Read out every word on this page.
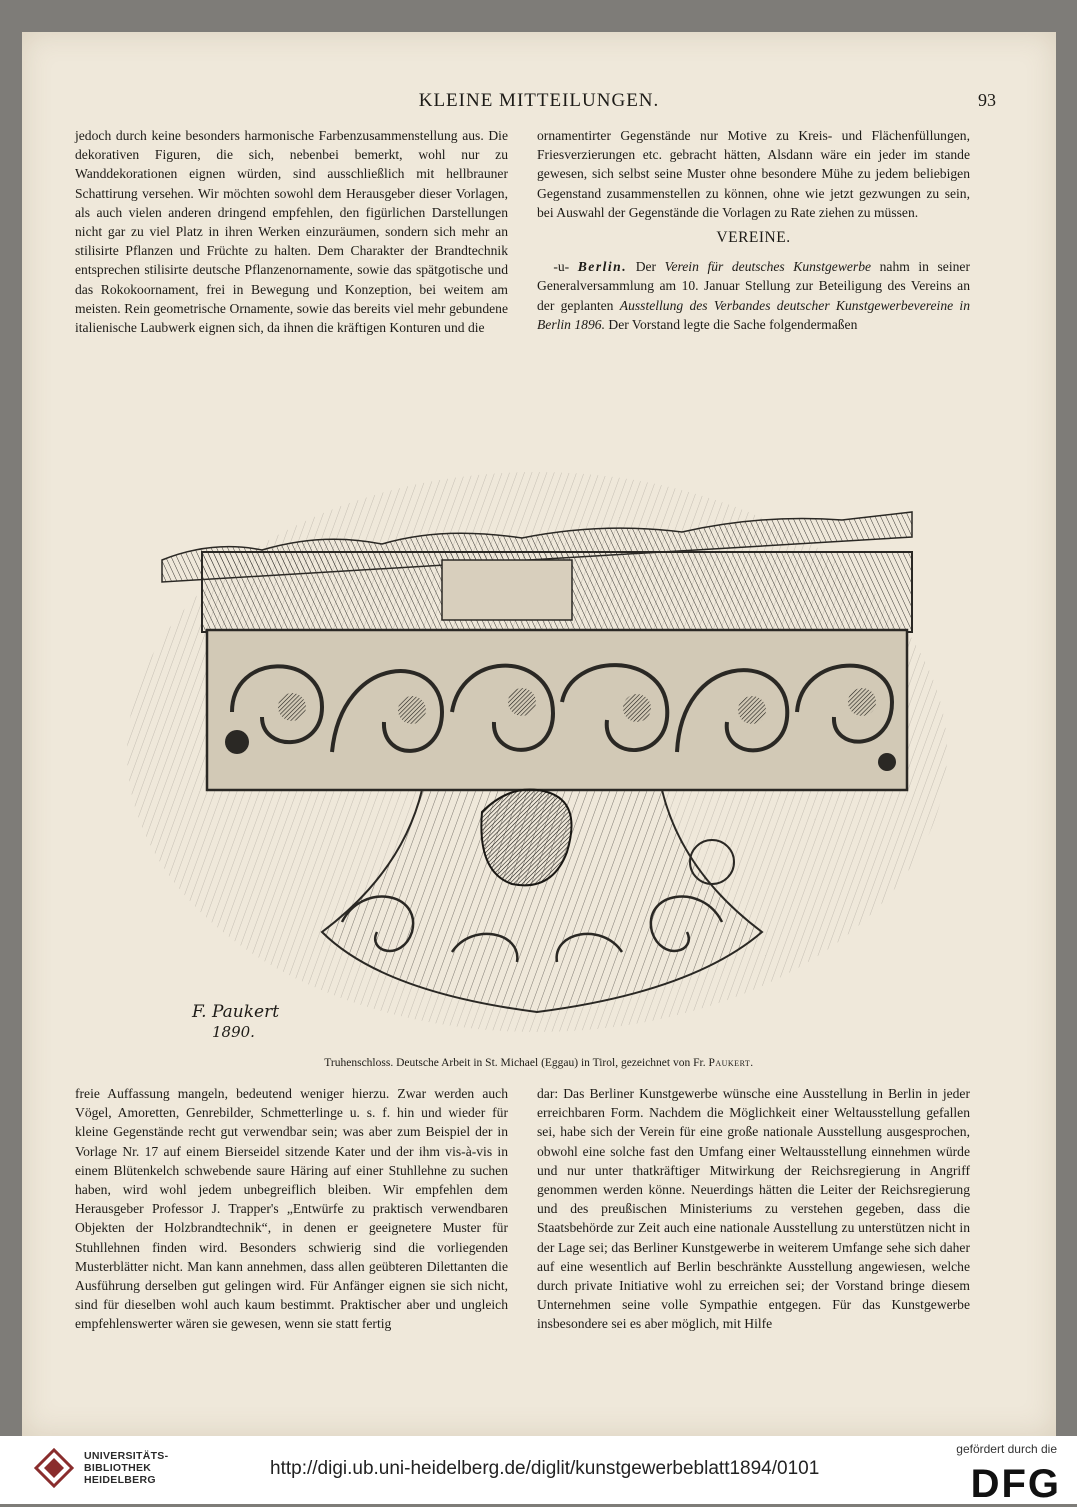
KLEINE MITTEILUNGEN.	93

jedoch durch keine besonders harmonische Farbenzusammenstellung aus. Die dekorativen Figuren, die sich, nebenbei bemerkt, wohl nur zu Wanddekorationen eignen würden, sind ausschließlich mit hellbrauner Schattirung versehen. Wir möchten sowohl dem Herausgeber dieser Vorlagen, als auch vielen anderen dringend empfehlen, den figürlichen Darstellungen nicht gar zu viel Platz in ihren Werken einzuräumen, sondern sich mehr an stilisirte Pflanzen und Früchte zu halten. Dem Charakter der Brandtechnik entsprechen stilisirte deutsche Pflanzenornamente, sowie das spätgotische und das Rokokoornament, frei in Bewegung und Konzeption, bei weitem am meisten. Rein geometrische Ornamente, sowie das bereits viel mehr gebundene italienische Laubwerk eignen sich, da ihnen die kräftigen Konturen und die

ornamentirter Gegenstände nur Motive zu Kreis- und Flächenfüllungen, Friesverzierungen etc. gebracht hätten, Alsdann wäre ein jeder im stande gewesen, sich selbst seine Muster ohne besondere Mühe zu jedem beliebigen Gegenstand zusammenstellen zu können, ohne wie jetzt gezwungen zu sein, bei Auswahl der Gegenstände die Vorlagen zu Rate ziehen zu müssen.

VEREINE.

-u- Berlin. Der Verein für deutsches Kunstgewerbe nahm in seiner Generalversammlung am 10. Januar Stellung zur Beteiligung des Vereins an der geplanten Ausstellung des Verbandes deutscher Kunstgewerbevereine in Berlin 1896. Der Vorstand legte die Sache folgendermaßen

F. Paukert
1890.
Truhenschloss. Deutsche Arbeit in St. Michael (Eggau) in Tirol, gezeichnet von Fr. Paukert.

freie Auffassung mangeln, bedeutend weniger hierzu. Zwar werden auch Vögel, Amoretten, Genrebilder, Schmetterlinge u. s. f. hin und wieder für kleine Gegenstände recht gut verwendbar sein; was aber zum Beispiel der in Vorlage Nr. 17 auf einem Bierseidel sitzende Kater und der ihm vis-à-vis in einem Blütenkelch schwebende saure Häring auf einer Stuhllehne zu suchen haben, wird wohl jedem unbegreiflich bleiben. Wir empfehlen dem Herausgeber Professor J. Trapper's „Entwürfe zu praktisch verwendbaren Objekten der Holzbrandtechnik“, in denen er geeignetere Muster für Stuhllehnen finden wird. Besonders schwierig sind die vorliegenden Musterblätter nicht. Man kann annehmen, dass allen geübteren Dilettanten die Ausführung derselben gut gelingen wird. Für Anfänger eignen sie sich nicht, sind für dieselben wohl auch kaum bestimmt. Praktischer aber und ungleich empfehlenswerter wären sie gewesen, wenn sie statt fertig

dar: Das Berliner Kunstgewerbe wünsche eine Ausstellung in Berlin in jeder erreichbaren Form. Nachdem die Möglichkeit einer Weltausstellung gefallen sei, habe sich der Verein für eine große nationale Ausstellung ausgesprochen, obwohl eine solche fast den Umfang einer Weltausstellung einnehmen würde und nur unter thatkräftiger Mitwirkung der Reichsregierung in Angriff genommen werden könne. Neuerdings hätten die Leiter der Reichsregierung und des preußischen Ministeriums zu verstehen gegeben, dass die Staatsbehörde zur Zeit auch eine nationale Ausstellung zu unterstützen nicht in der Lage sei; das Berliner Kunstgewerbe in weiterem Umfange sehe sich daher auf eine wesentlich auf Berlin beschränkte Ausstellung angewiesen, welche durch private Initiative wohl zu erreichen sei; der Vorstand bringe diesem Unternehmen seine volle Sympathie entgegen. Für das Kunstgewerbe insbesondere sei es aber möglich, mit Hilfe

UNIVERSITÄTS-
BIBLIOTHEK
HEIDELBERG
http://digi.ub.uni-heidelberg.de/diglit/kunstgewerbeblatt1894/0101
gefördert durch die
DFG
